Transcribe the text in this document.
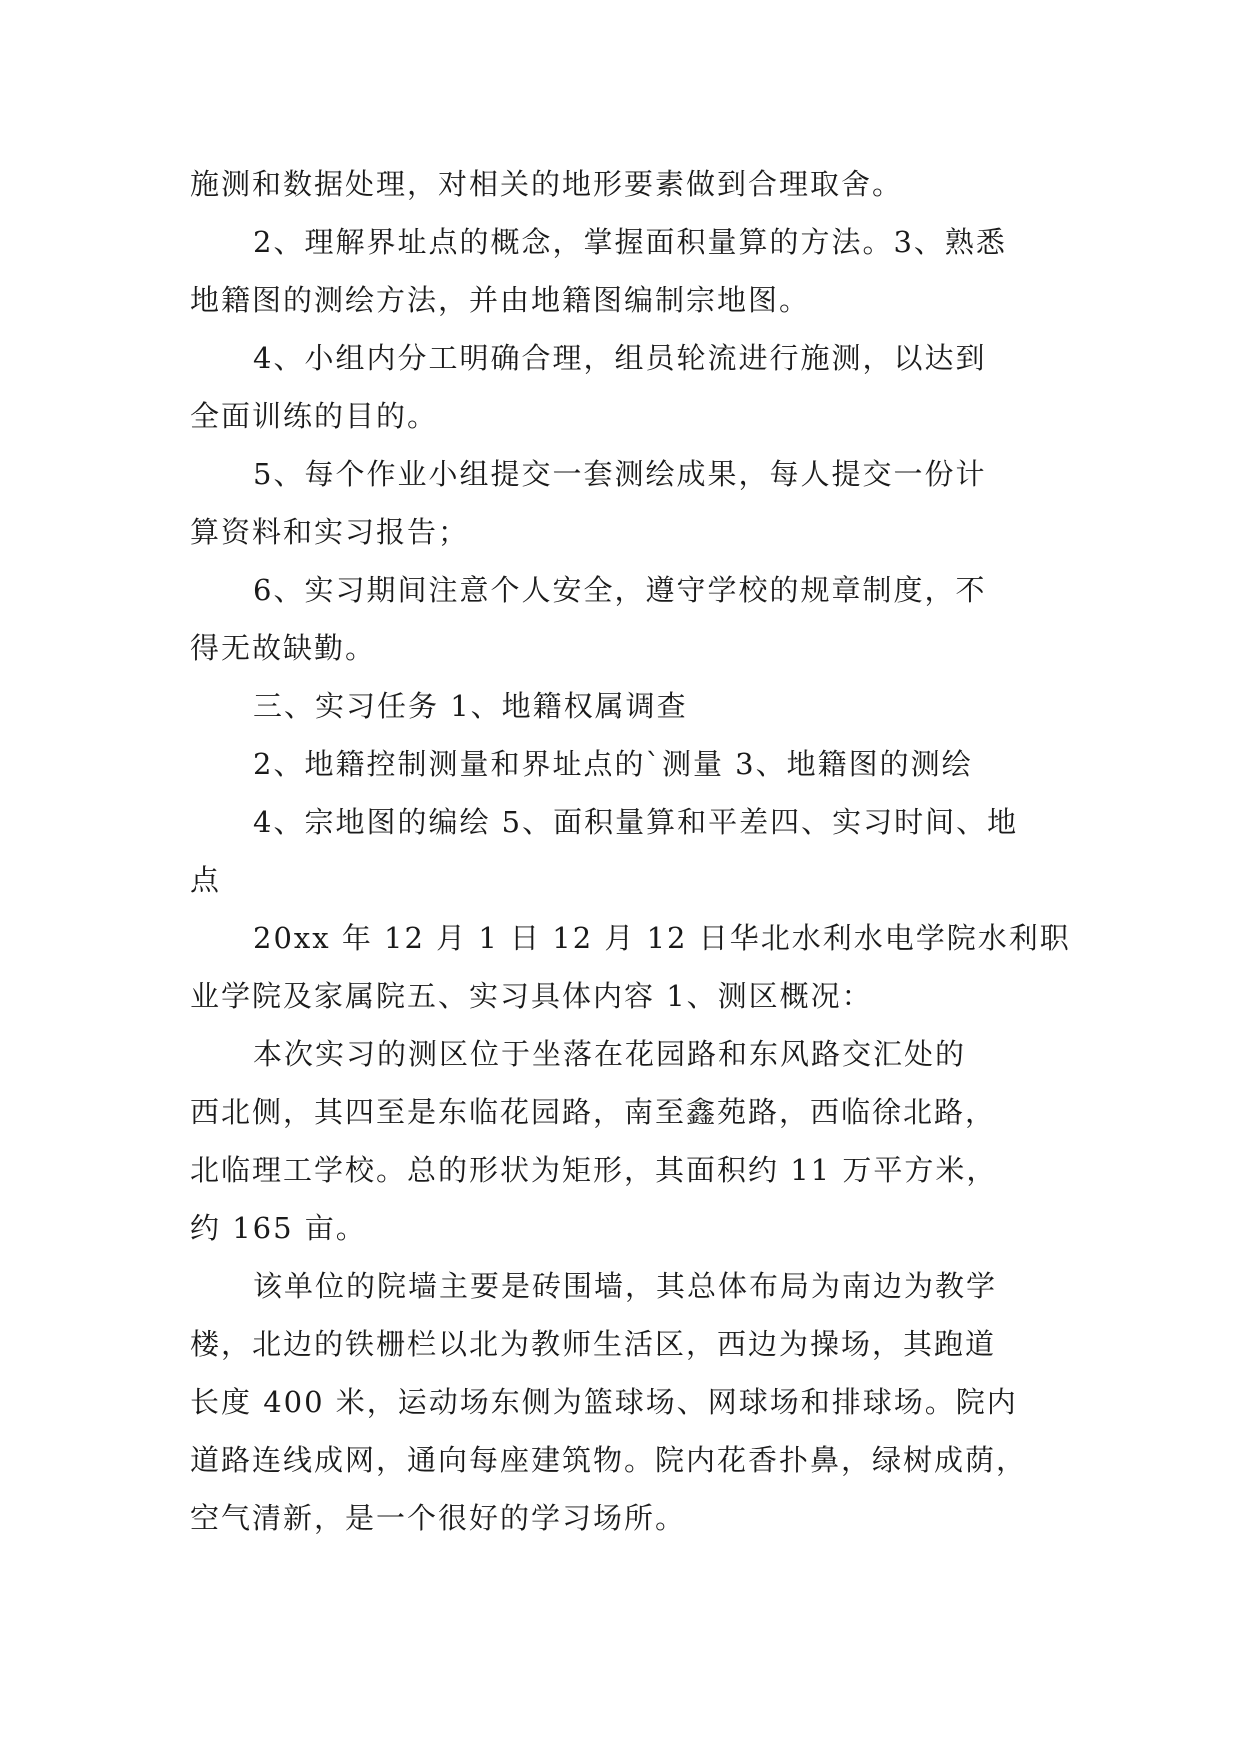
施测和数据处理，对相关的地形要素做到合理取舍。
2、理解界址点的概念，掌握面积量算的方法。3、熟悉
地籍图的测绘方法，并由地籍图编制宗地图。
4、小组内分工明确合理，组员轮流进行施测，以达到
全面训练的目的。
5、每个作业小组提交一套测绘成果，每人提交一份计
算资料和实习报告；
6、实习期间注意个人安全，遵守学校的规章制度，不
得无故缺勤。
三、实习任务 1、地籍权属调查
2、地籍控制测量和界址点的`测量 3、地籍图的测绘
4、宗地图的编绘 5、面积量算和平差四、实习时间、地
点
20xx 年 12 月 1 日 12 月 12 日华北水利水电学院水利职
业学院及家属院五、实习具体内容 1、测区概况：
本次实习的测区位于坐落在花园路和东风路交汇处的
西北侧，其四至是东临花园路，南至鑫苑路，西临徐北路，
北临理工学校。总的形状为矩形，其面积约 11 万平方米，
约 165 亩。
该单位的院墙主要是砖围墙，其总体布局为南边为教学
楼，北边的铁栅栏以北为教师生活区，西边为操场，其跑道
长度 400 米，运动场东侧为篮球场、网球场和排球场。院内
道路连线成网，通向每座建筑物。院内花香扑鼻，绿树成荫，
空气清新，是一个很好的学习场所。
